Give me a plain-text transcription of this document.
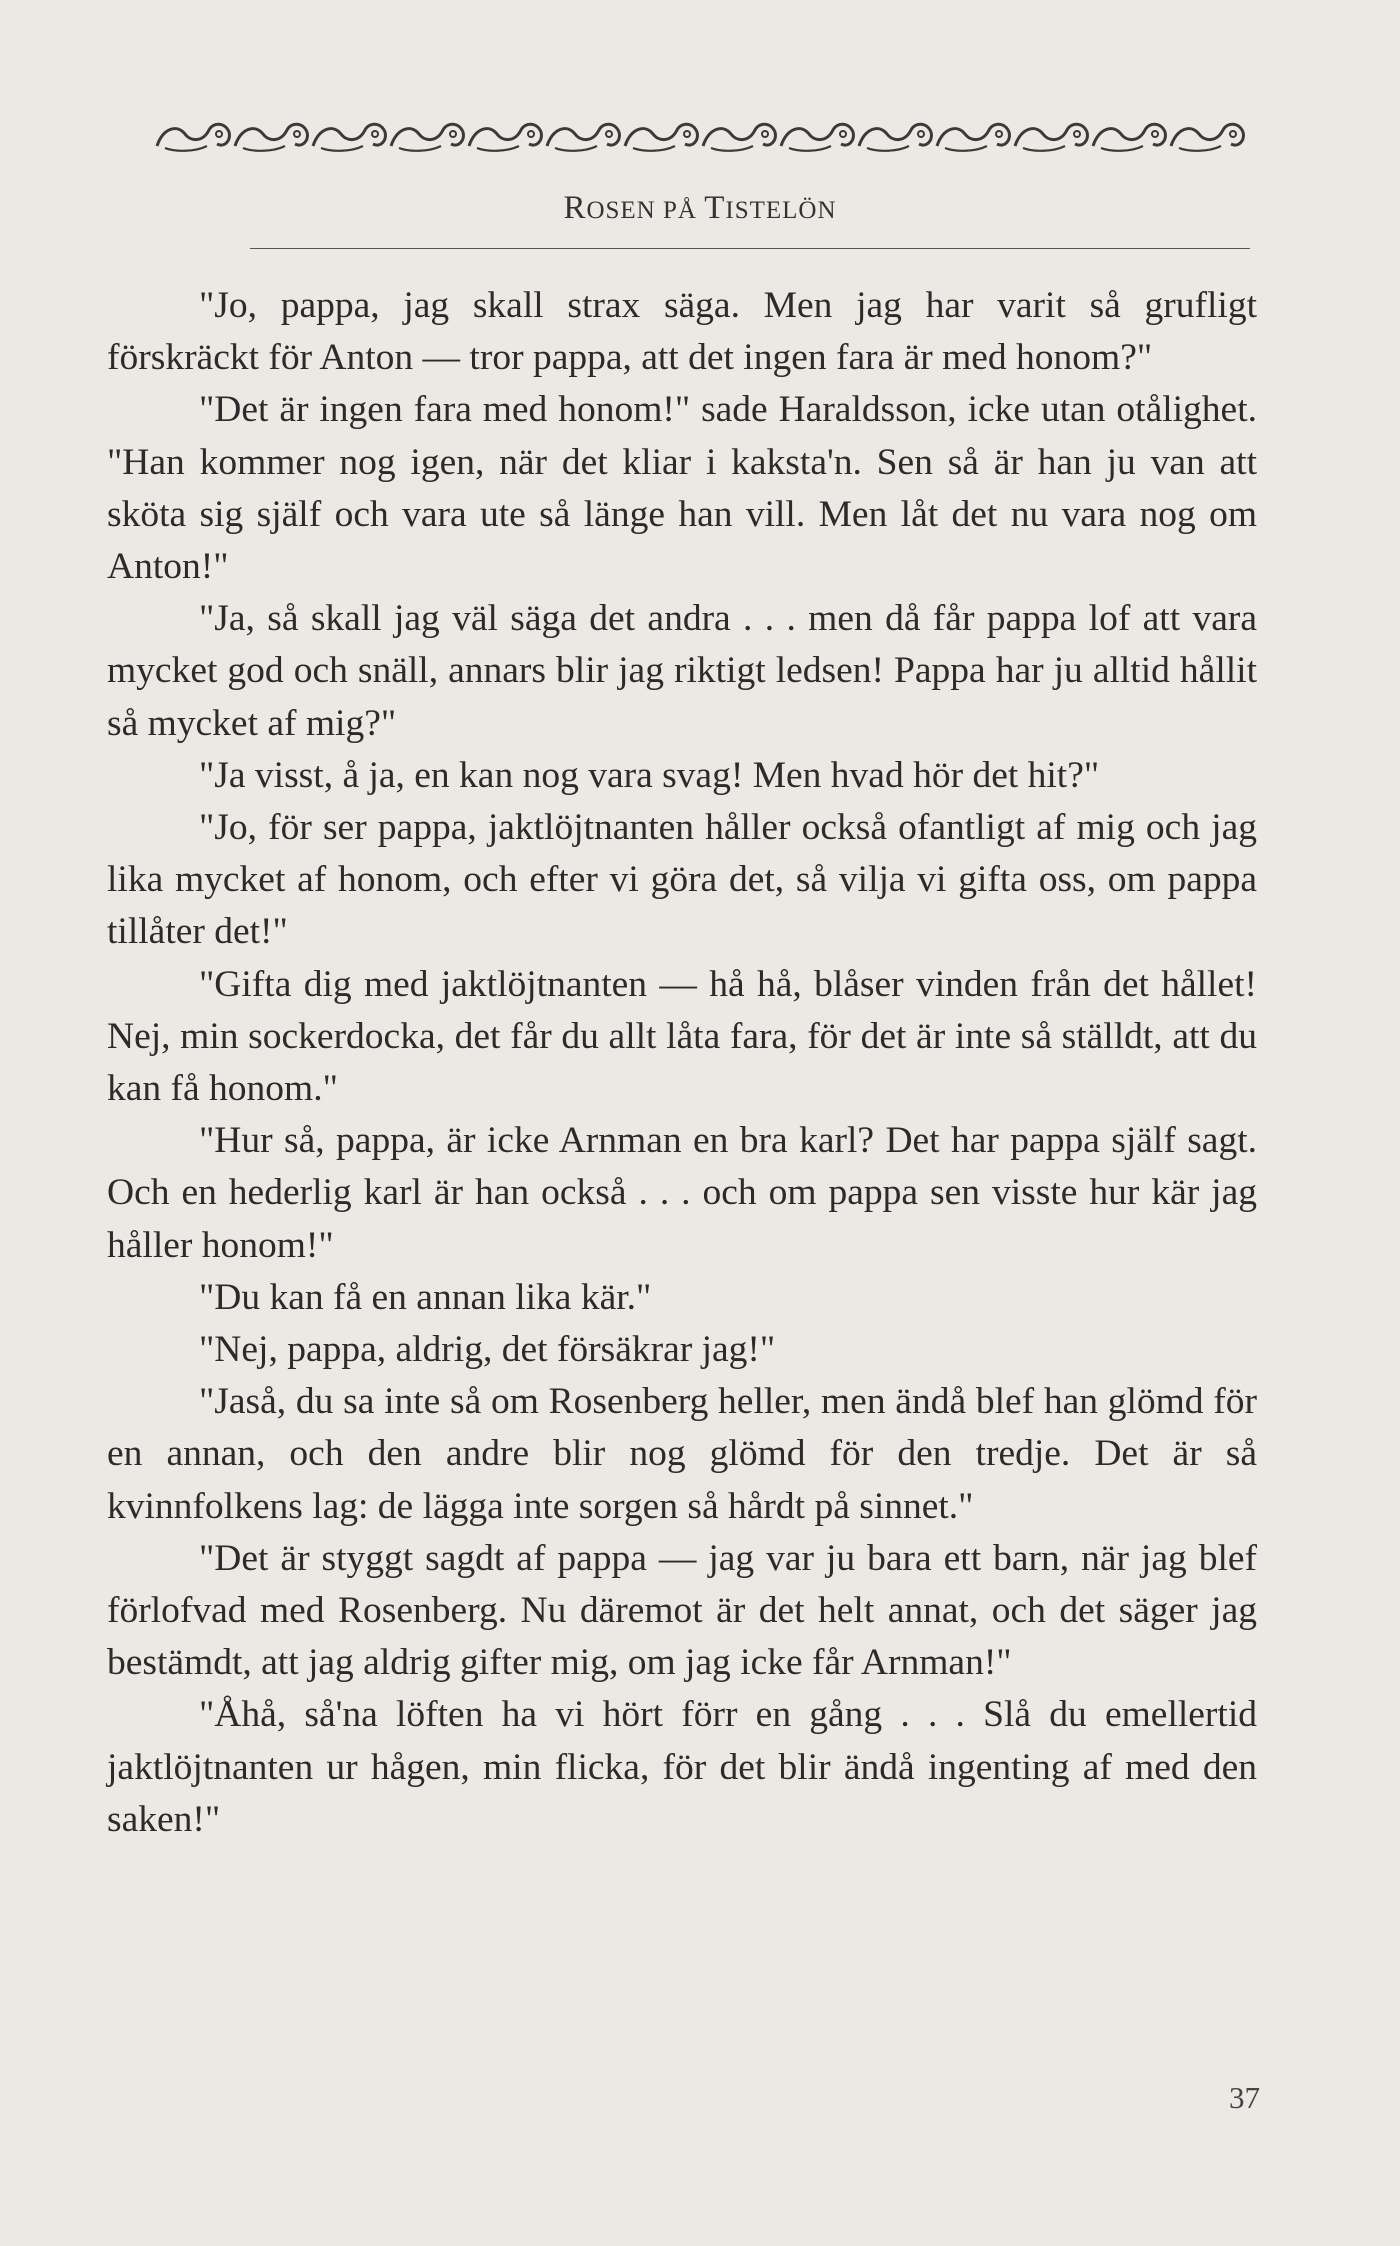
ROSEN PÅ TISTELÖN

"Jo, pappa, jag skall strax säga. Men jag har varit så grufligt förskräckt för Anton — tror pappa, att det ingen fara är med honom?"

"Det är ingen fara med honom!" sade Haraldsson, icke utan otålighet. "Han kommer nog igen, när det kliar i kaksta'n. Sen så är han ju van att sköta sig själf och vara ute så länge han vill. Men låt det nu vara nog om Anton!"

"Ja, så skall jag väl säga det andra . . . men då får pappa lof att vara mycket god och snäll, annars blir jag riktigt ledsen! Pappa har ju alltid hållit så mycket af mig?"

"Ja visst, å ja, en kan nog vara svag! Men hvad hör det hit?"

"Jo, för ser pappa, jaktlöjtnanten håller också ofantligt af mig och jag lika mycket af honom, och efter vi göra det, så vilja vi gifta oss, om pappa tillåter det!"

"Gifta dig med jaktlöjtnanten — hå hå, blåser vinden från det hållet! Nej, min sockerdocka, det får du allt låta fara, för det är inte så ställdt, att du kan få honom."

"Hur så, pappa, är icke Arnman en bra karl? Det har pappa själf sagt. Och en hederlig karl är han också . . . och om pappa sen visste hur kär jag håller honom!"

"Du kan få en annan lika kär."

"Nej, pappa, aldrig, det försäkrar jag!"

"Jaså, du sa inte så om Rosenberg heller, men ändå blef han glömd för en annan, och den andre blir nog glömd för den tredje. Det är så kvinnfolkens lag: de lägga inte sorgen så hårdt på sinnet."

"Det är styggt sagdt af pappa — jag var ju bara ett barn, när jag blef förlofvad med Rosenberg. Nu däremot är det helt annat, och det säger jag bestämdt, att jag aldrig gifter mig, om jag icke får Arnman!"

"Åhå, så'na löften ha vi hört förr en gång . . . Slå du emellertid jaktlöjtnanten ur hågen, min flicka, för det blir ändå ingenting af med den saken!"

37
